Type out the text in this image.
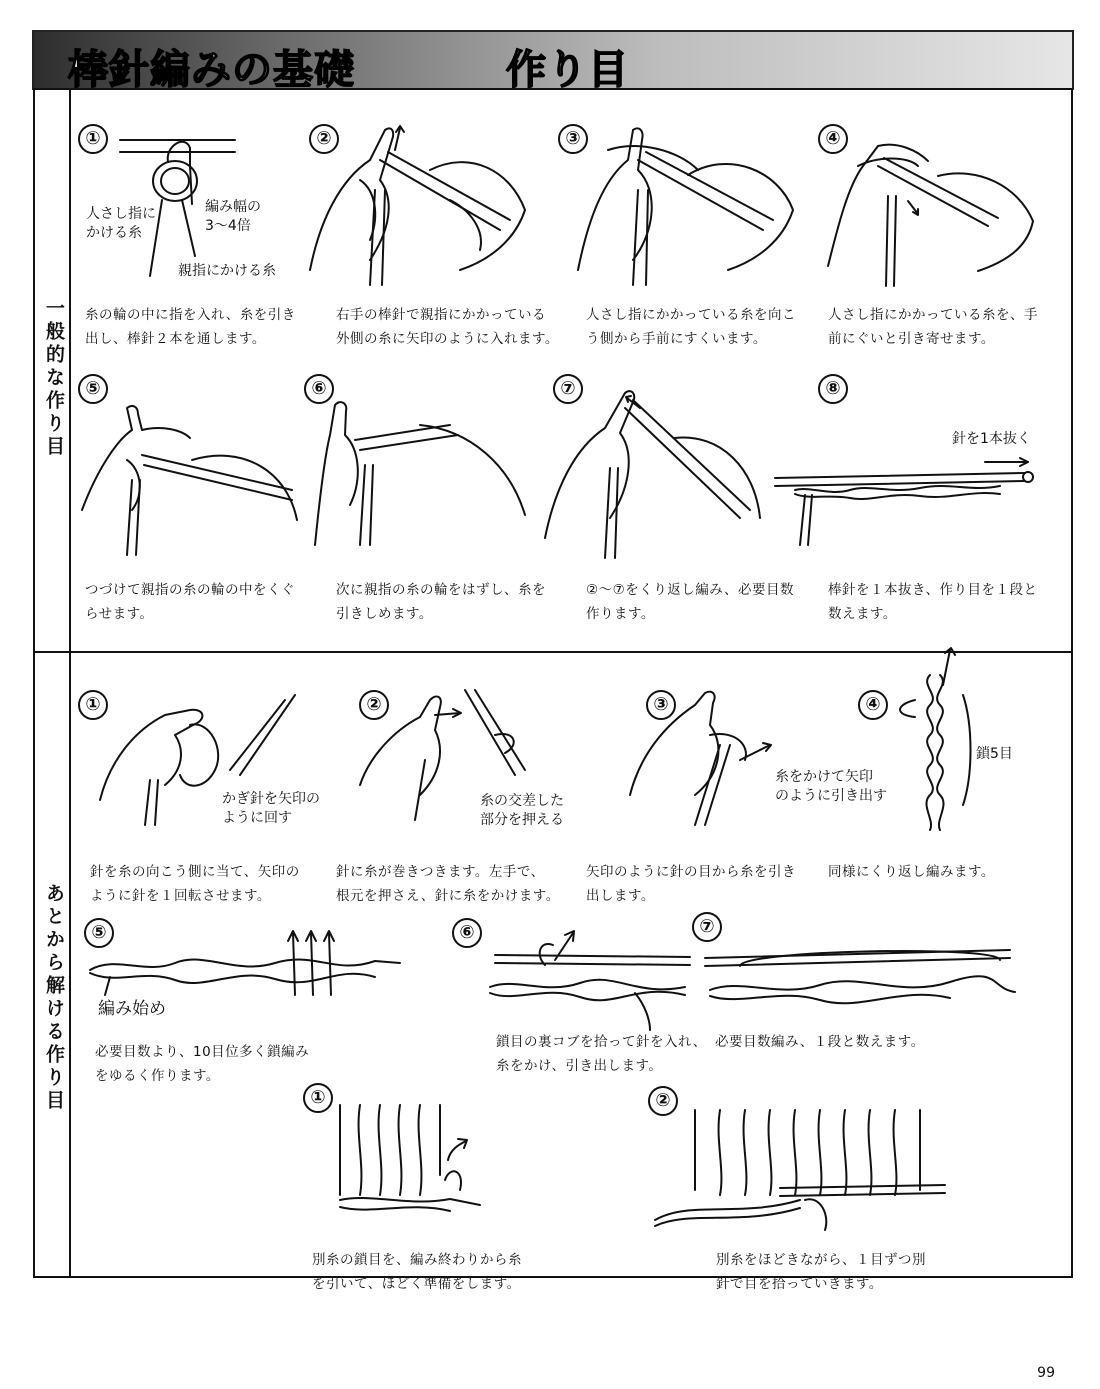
棒針編みの基礎	作り目
一般的な作り目
あとから解ける作り目
①
人さし指に
かける糸
編み幅の
3～4倍
親指にかける糸
糸の輪の中に指を入れ、糸を引き
出し、棒針２本を通します。
②
右手の棒針で親指にかかっている
外側の糸に矢印のように入れます。
③
人さし指にかかっている糸を向こ
う側から手前にすくいます。
④
人さし指にかかっている糸を、手
前にぐいと引き寄せます。
⑤
つづけて親指の糸の輪の中をくぐ
らせます。
⑥
次に親指の糸の輪をはずし、糸を
引きしめます。
⑦
②～⑦をくり返し編み、必要目数
作ります。
⑧
針を1本抜く
棒針を１本抜き、作り目を１段と
数えます。
①
かぎ針を矢印の
ように回す
針を糸の向こう側に当て、矢印の
ように針を１回転させます。
②
糸の交差した
部分を押える
針に糸が巻きつきます。左手で、
根元を押さえ、針に糸をかけます。
③
糸をかけて矢印
のように引き出す
矢印のように針の目から糸を引き
出します。
④
鎖5目
同様にくり返し編みます。
⑤
編み始め
必要目数より、10目位多く鎖編み
をゆるく作ります。
⑥
鎖目の裏コブを拾って針を入れ、
糸をかけ、引き出します。
⑦
必要目数編み、１段と数えます。
①
別糸の鎖目を、編み終わりから糸
を引いて、ほどく準備をします。
②
別糸をほどきながら、１目ずつ別
針で目を拾っていきます。
99
